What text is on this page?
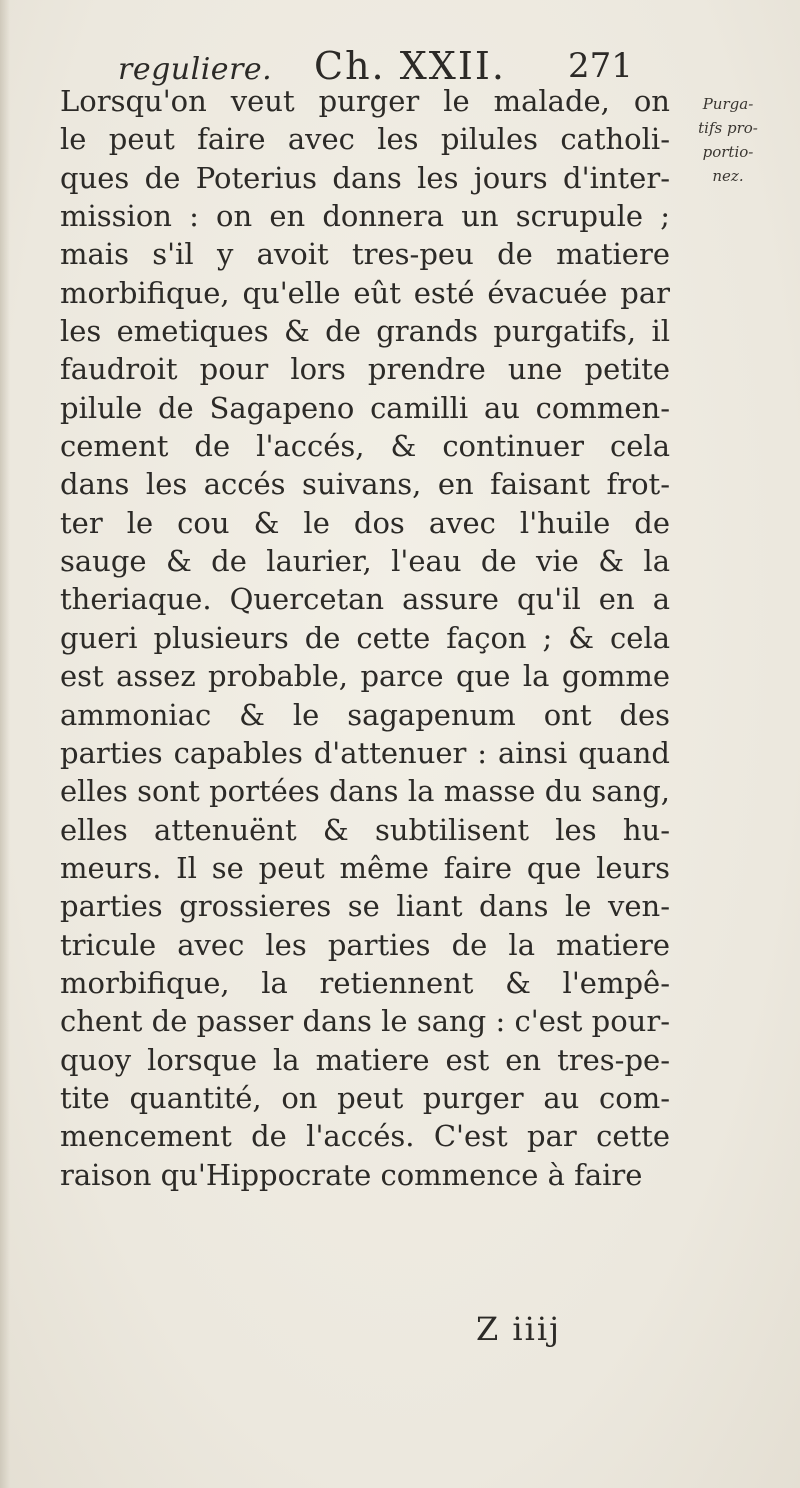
reguliere. Ch. XXII. 271
Purga-
tifs pro-
portio-
nez.
Lorsqu'on veut purger le malade, on
le peut faire avec les pilules catholi-
ques de Poterius dans les jours d'inter-
mission : on en donnera un scrupule ;
mais s'il y avoit tres-peu de matiere
morbifique, qu'elle eût esté évacuée par
les emetiques & de grands purgatifs, il
faudroit pour lors prendre une petite
pilule de Sagapeno camilli au commen-
cement de l'accés, & continuer cela
dans les accés suivans, en faisant frot-
ter le cou & le dos avec l'huile de
sauge & de laurier, l'eau de vie & la
theriaque. Quercetan assure qu'il en a
gueri plusieurs de cette façon ; & cela
est assez probable, parce que la gomme
ammoniac & le sagapenum ont des
parties capables d'attenuer : ainsi quand
elles sont portées dans la masse du sang,
elles attenuënt & subtilisent les hu-
meurs. Il se peut même faire que leurs
parties grossieres se liant dans le ven-
tricule avec les parties de la matiere
morbifique, la retiennent & l'empê-
chent de passer dans le sang : c'est pour-
quoy lorsque la matiere est en tres-pe-
tite quantité, on peut purger au com-
mencement de l'accés. C'est par cette
raison qu'Hippocrate commence à faire
Z iiij
